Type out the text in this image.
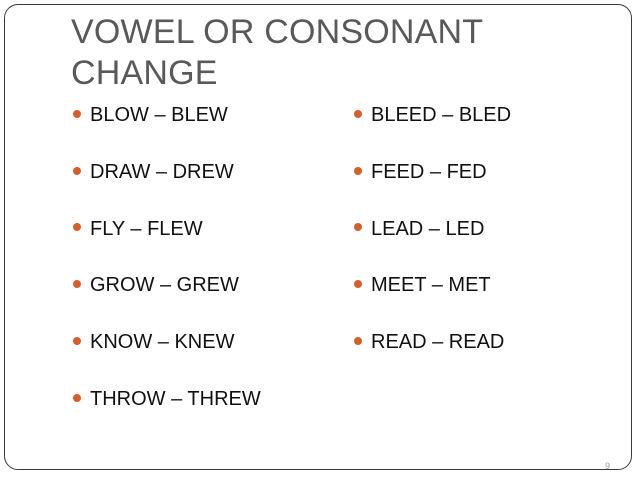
VOWEL OR CONSONANT CHANGE
BLOW – BLEW
DRAW – DREW
FLY – FLEW
GROW – GREW
KNOW – KNEW
THROW – THREW
BLEED – BLED
FEED – FED
LEAD – LED
MEET – MET
READ – READ
9
